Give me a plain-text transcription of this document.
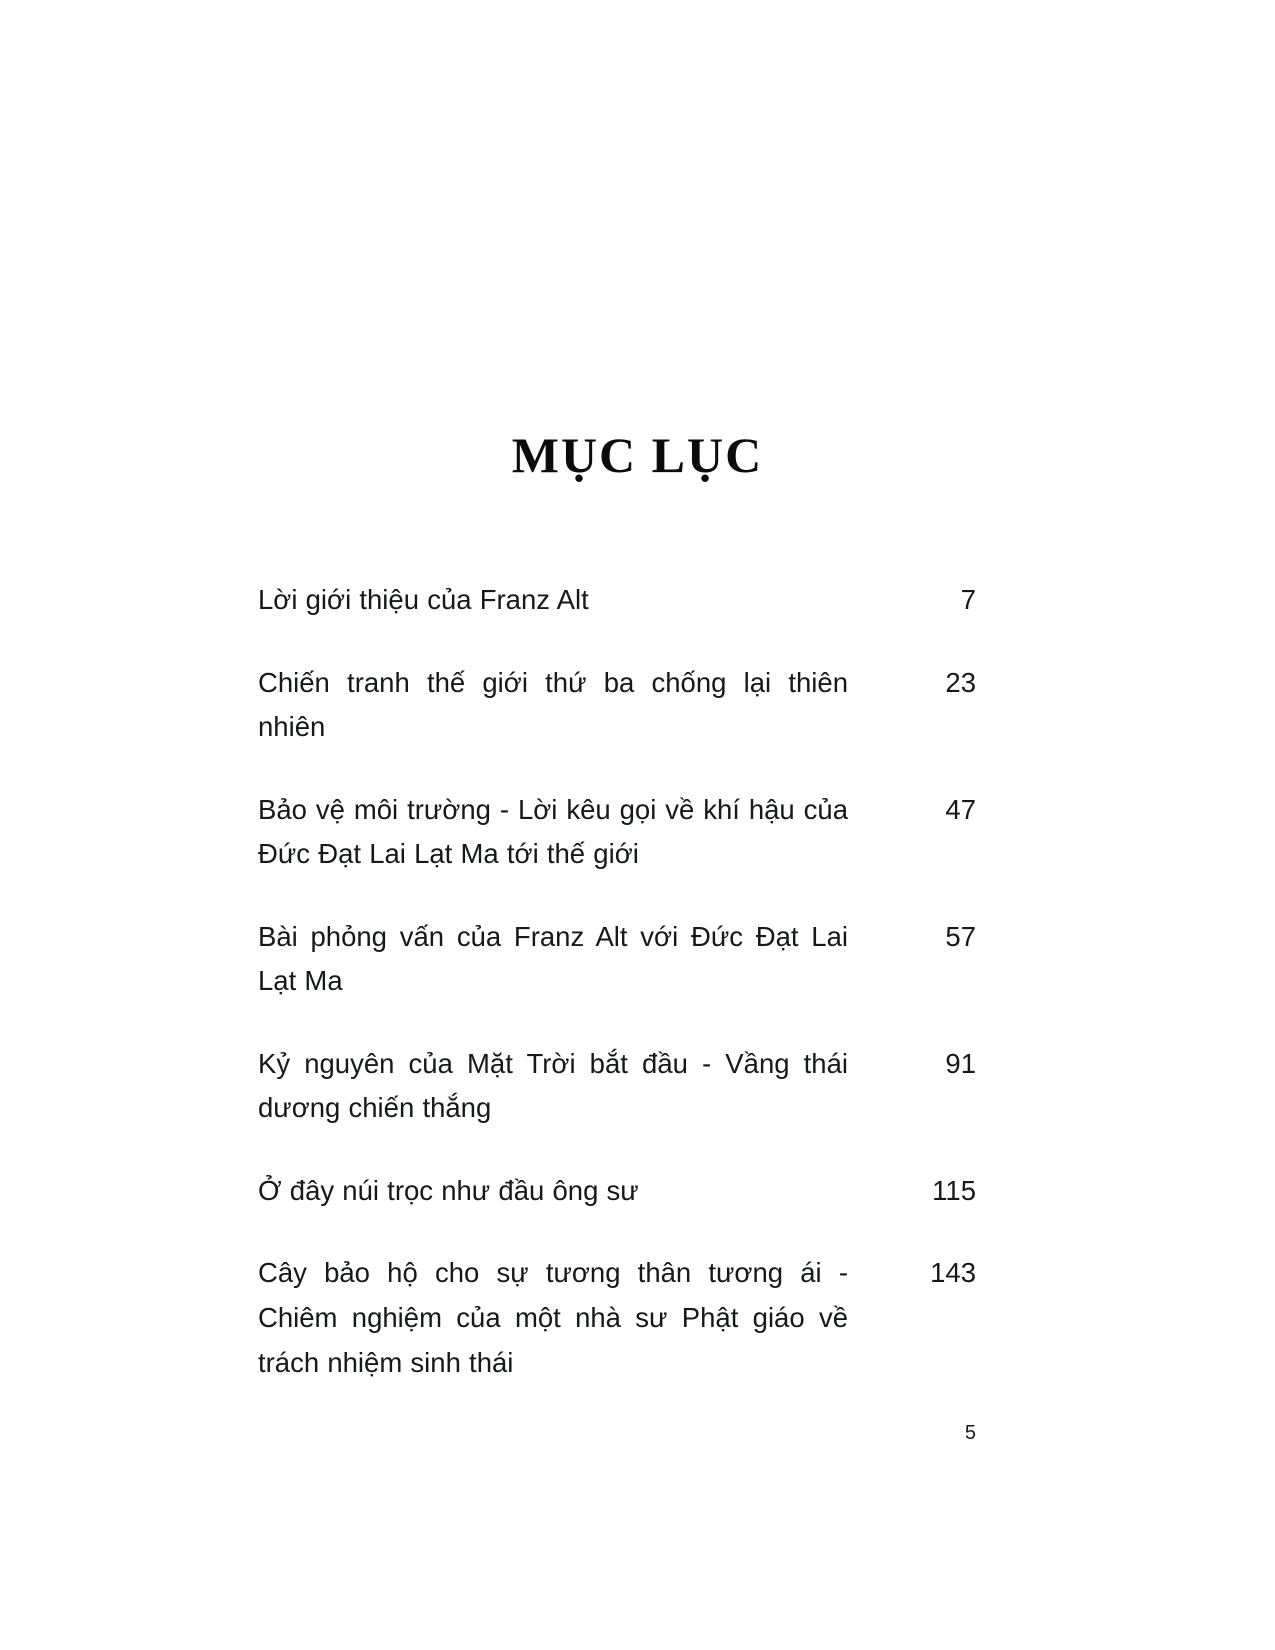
MỤC LỤC
Lời giới thiệu của Franz Alt	7
Chiến tranh thế giới thứ ba chống lại thiên nhiên
23
Bảo vệ môi trường - Lời kêu gọi về khí hậu của Đức Đạt Lai Lạt Ma tới thế giới
47
Bài phỏng vấn của Franz Alt với Đức Đạt Lai Lạt Ma
57
Kỷ nguyên của Mặt Trời bắt đầu - Vầng thái dương chiến thắng
91
Ở đây núi trọc như đầu ông sư	115
Cây bảo hộ cho sự tương thân tương ái - Chiêm nghiệm của một nhà sư Phật giáo về trách nhiệm sinh thái
143
5
